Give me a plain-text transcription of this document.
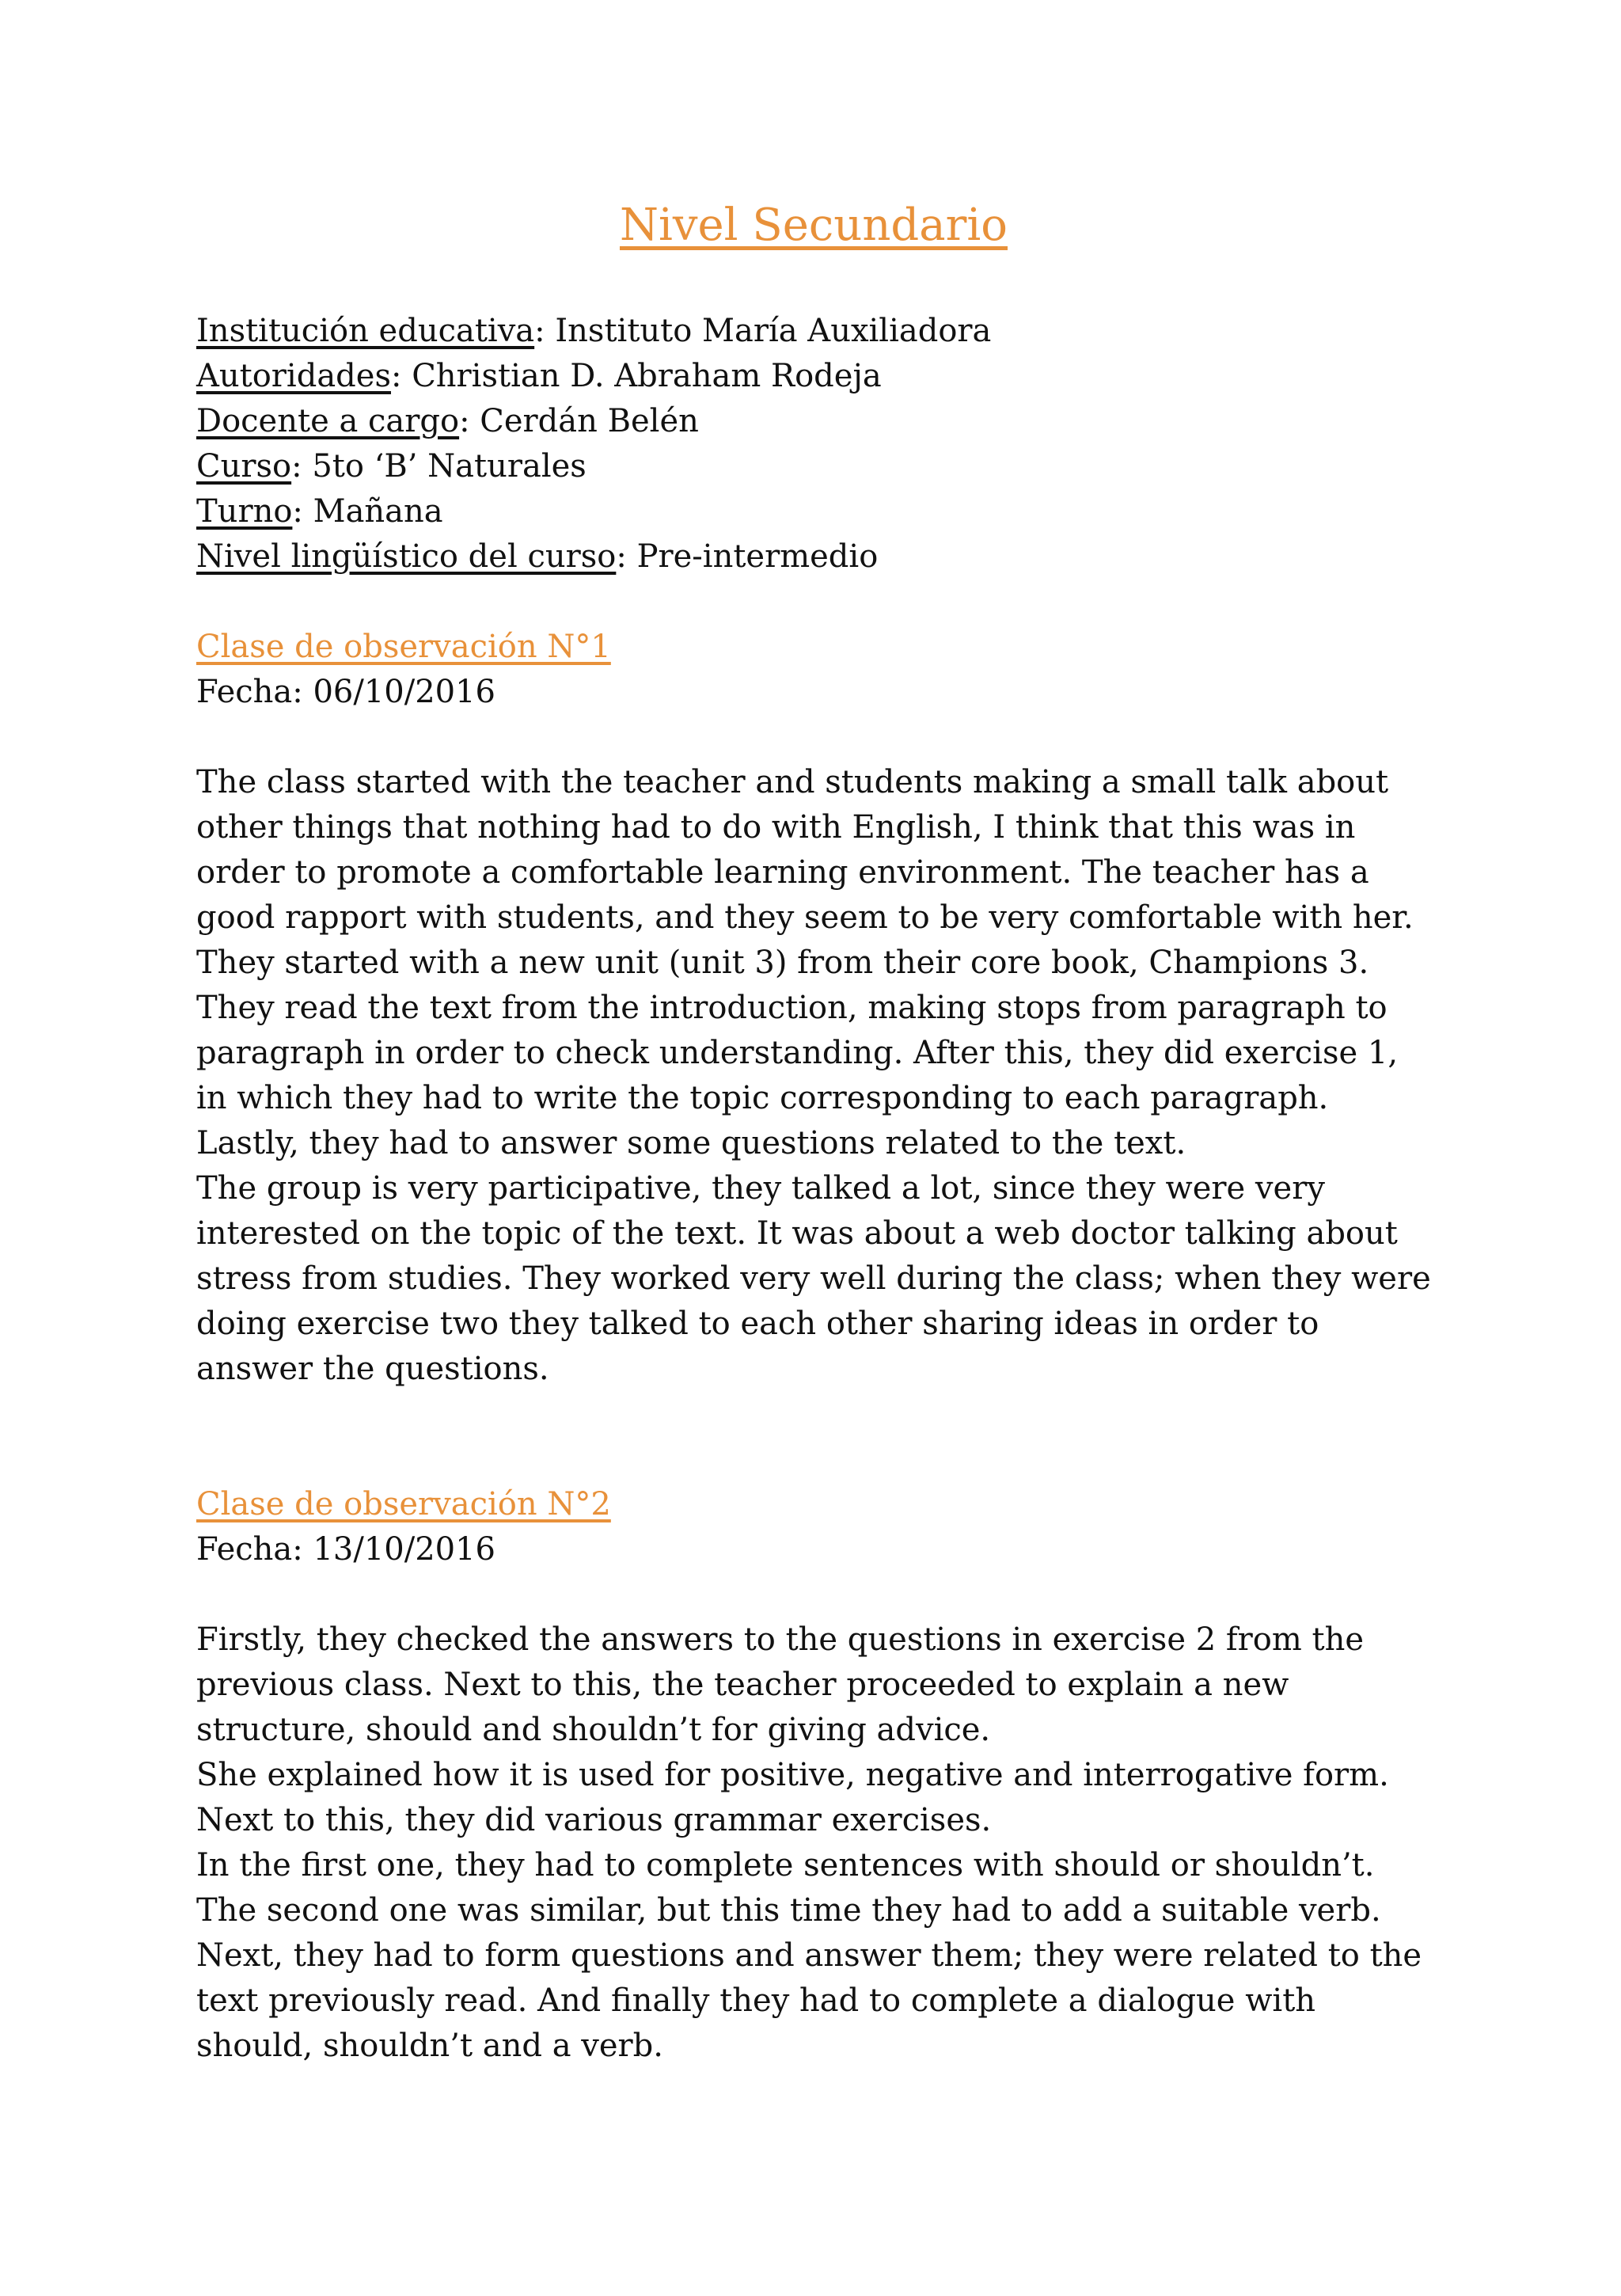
Nivel Secundario

Institución educativa: Instituto María Auxiliadora

Autoridades: Christian D. Abraham Rodeja

Docente a cargo: Cerdán Belén

Curso: 5to ‘B’ Naturales

Turno: Mañana

Nivel lingüístico del curso: Pre-intermedio

Clase de observación N°1

Fecha: 06/10/2016

The class started with the teacher and students making a small talk about other things that nothing had to do with English, I think that this was in order to promote a comfortable learning environment. The teacher has a good rapport with students, and they seem to be very comfortable with her.

They started with a new unit (unit 3) from their core book, Champions 3. They read the text from the introduction, making stops from paragraph to paragraph in order to check understanding. After this, they did exercise 1, in which they had to write the topic corresponding to each paragraph. Lastly, they had to answer some questions related to the text.

The group is very participative, they talked a lot, since they were very interested on the topic of the text. It was about a web doctor talking about stress from studies. They worked very well during the class; when they were doing exercise two they talked to each other sharing ideas in order to answer the questions.

Clase de observación N°2

Fecha: 13/10/2016

Firstly, they checked the answers to the questions in exercise 2 from the previous class. Next to this, the teacher proceeded to explain a new structure, should and shouldn’t for giving advice.

She explained how it is used for positive, negative and interrogative form. Next to this, they did various grammar exercises.

In the first one, they had to complete sentences with should or shouldn’t. The second one was similar, but this time they had to add a suitable verb. Next, they had to form questions and answer them; they were related to the text previously read. And finally they had to complete a dialogue with should, shouldn’t and a verb.
